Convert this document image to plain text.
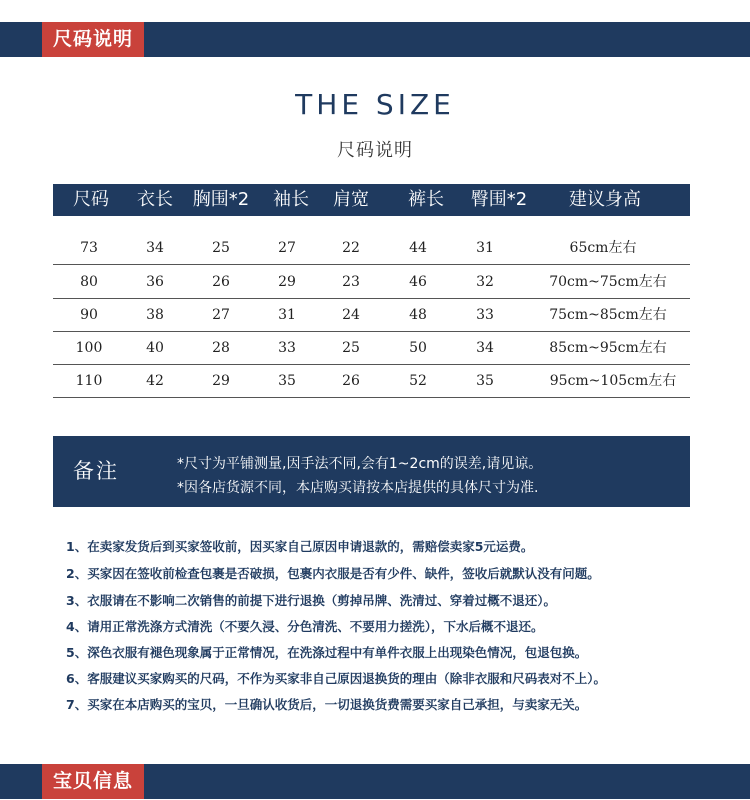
尺码说明
THE SIZE
尺码说明
尺码	衣长	胸围*2	袖长	肩宽	裤长	臀围*2	建议身高
73	34	25	27	22	44	31	65cm左右
80	36	26	29	23	46	32	70cm~75cm左右
90	38	27	31	24	48	33	75cm~85cm左右
100	40	28	33	25	50	34	85cm~95cm左右
110	42	29	35	26	52	35	95cm~105cm左右
备注	*尺寸为平铺测量,因手法不同,会有1~2cm的误差,请见谅。
*因各店货源不同，本店购买请按本店提供的具体尺寸为准.
1、在卖家发货后到买家签收前，因买家自己原因申请退款的，需赔偿卖家5元运费。
2、买家因在签收前检查包裹是否破损，包裹内衣服是否有少件、缺件，签收后就默认没有问题。
3、衣服请在不影响二次销售的前提下进行退换（剪掉吊牌、洗清过、穿着过概不退还）。
4、请用正常洗涤方式清洗（不要久浸、分色清洗、不要用力搓洗），下水后概不退还。
5、深色衣服有褪色现象属于正常情况，在洗涤过程中有单件衣服上出现染色情况，包退包换。
6、客服建议买家购买的尺码，不作为买家非自己原因退换货的理由（除非衣服和尺码表对不上）。
7、买家在本店购买的宝贝，一旦确认收货后，一切退换货费需要买家自己承担，与卖家无关。
宝贝信息
